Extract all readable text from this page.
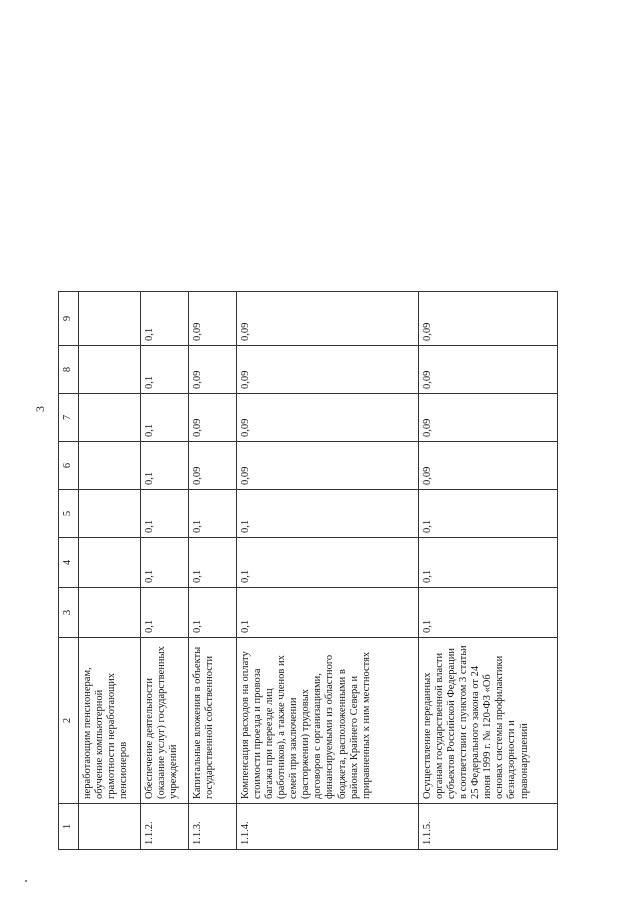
3
1	2	3	4	5	6	7	8	9
	неработающим пенсионерам, обучение компьютерной грамотности неработающих пенсионеров							
1.1.2.	Обеспечение деятельности (оказание услуг) государственных учреждений	0,1	0,1	0,1	0,1	0,1	0,1	0,1
1.1.3.	Капитальные вложения в объекты государственной собственности	0,1	0,1	0,1	0,09	0,09	0,09	0,09
1.1.4.	Компенсация расходов на оплату стоимости проезда и провоза багажа при переезде лиц (работников), а также членов их семей при заключении (расторжении) трудовых договоров с организациями, финансируемыми из областного бюджета, расположенными в районах Крайнего Севера и приравненных к ним местностях	0,1	0,1	0,1	0,09	0,09	0,09	0,09
1.1.5.	Осуществление переданных органам государственной власти субъектов Российской Федерации в соответствии с пунктом 3 статьи 25 Федерального закона от 24 июня 1999 г. № 120-ФЗ «Об основах системы профилактики безнадзорности и правонарушений	0,1	0,1	0,1	0,09	0,09	0,09	0,09
